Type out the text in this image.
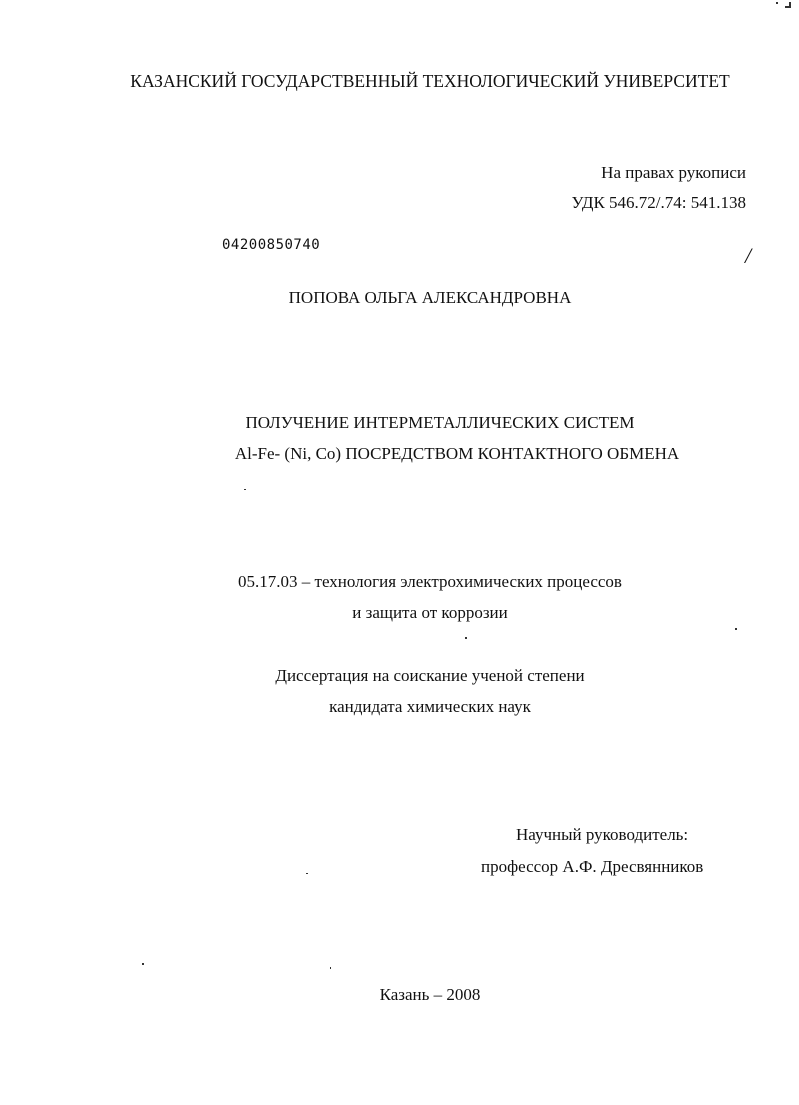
КАЗАНСКИЙ ГОСУДАРСТВЕННЫЙ ТЕХНОЛОГИЧЕСКИЙ УНИВЕРСИТЕТ
На правах рукописи
УДК 546.72/.74: 541.138
04200850740	/
ПОПОВА ОЛЬГА АЛЕКСАНДРОВНА
ПОЛУЧЕНИЕ ИНТЕРМЕТАЛЛИЧЕСКИХ СИСТЕМ
Al-Fe- (Ni, Co) ПОСРЕДСТВОМ КОНТАКТНОГО ОБМЕНА
05.17.03 – технология электрохимических процессов
и защита от коррозии
Диссертация на соискание ученой степени
кандидата химических наук
Научный руководитель:
профессор А.Ф. Дресвянников
Казань – 2008
